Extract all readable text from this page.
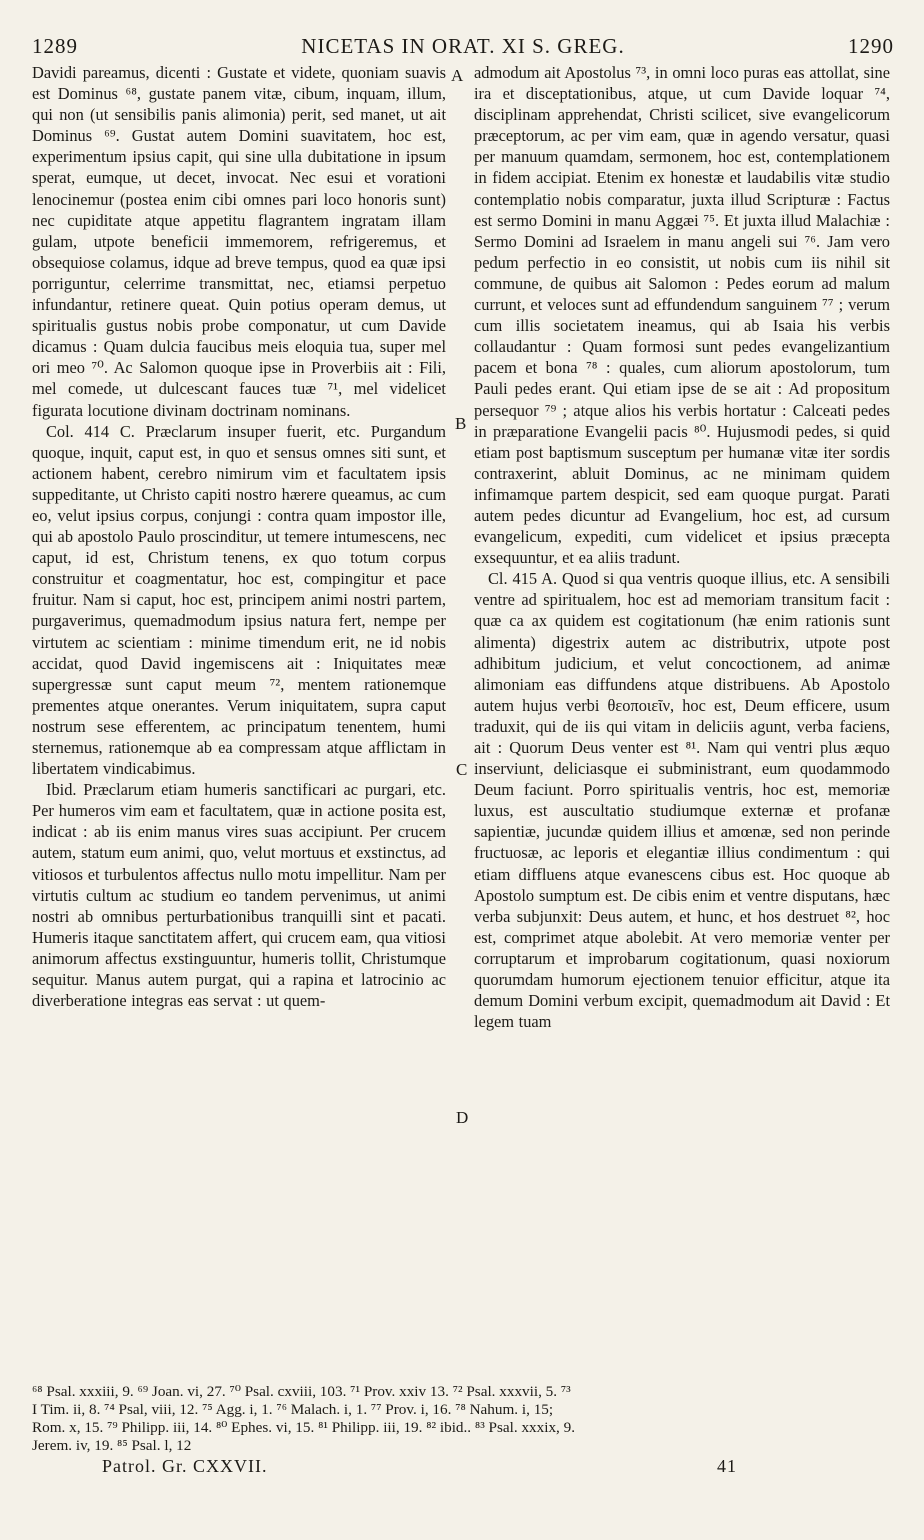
1289	NICETAS IN ORAT. XI S. GREG.	1290

Davidi pareamus, dicenti : Gustate et videte, quoniam suavis est Dominus ⁶⁸, gustate panem vitæ, cibum, inquam, illum, qui non (ut sensibilis panis alimonia) perit, sed manet, ut ait Dominus ⁶⁹. Gustat autem Domini suavitatem, hoc est, experimentum ipsius capit, qui sine ulla dubitatione in ipsum sperat, eumque, ut decet, invocat. Nec esui et vorationi lenocinemur (postea enim cibi omnes pari loco honoris sunt) nec cupiditate atque appetitu flagrantem ingratam illam gulam, utpote beneficii immemorem, refrigeremus, et obsequiose colamus, idque ad breve tempus, quod ea quæ ipsi porriguntur, celerrime transmittat, nec, etiamsi perpetuo infundantur, retinere queat. Quin potius operam demus, ut spiritualis gustus nobis probe componatur, ut cum Davide dicamus : Quam dulcia faucibus meis eloquia tua, super mel ori meo ⁷⁰. Ac Salomon quoque ipse in Proverbiis ait : Fili, mel comede, ut dulcescant fauces tuæ ⁷¹, mel videlicet figurata locutione divinam doctrinam nominans.

Col. 414 C. Præclarum insuper fuerit, etc. Purgandum quoque, inquit, caput est, in quo et sensus omnes siti sunt, et actionem habent, cerebro nimirum vim et facultatem ipsis suppeditante, ut Christo capiti nostro hærere queamus, ac cum eo, velut ipsius corpus, conjungi : contra quam impostor ille, qui ab apostolo Paulo proscinditur, ut temere intumescens, nec caput, id est, Christum tenens, ex quo totum corpus construitur et coagmentatur, hoc est, compingitur et pace fruitur. Nam si caput, hoc est, principem animi nostri partem, purgaverimus, quemadmodum ipsius natura fert, nempe per virtutem ac scientiam : minime timendum erit, ne id nobis accidat, quod David ingemiscens ait : Iniquitates meæ supergressæ sunt caput meum ⁷², mentem rationemque prementes atque onerantes. Verum iniquitatem, supra caput nostrum sese efferentem, ac principatum tenentem, humi sternemus, rationemque ab ea compressam atque afflictam in libertatem vindicabimus.

Ibid. Præclarum etiam humeris sanctificari ac purgari, etc. Per humeros vim eam et facultatem, quæ in actione posita est, indicat : ab iis enim manus vires suas accipiunt. Per crucem autem, statum eum animi, quo, velut mortuus et exstinctus, ad vitiosos et turbulentos affectus nullo motu impellitur. Nam per virtutis cultum ac studium eo tandem pervenimus, ut animi nostri ab omnibus perturbationibus tranquilli sint et pacati. Humeris itaque sanctitatem affert, qui crucem eam, qua vitiosi animorum affectus exstinguuntur, humeris tollit, Christumque sequitur. Manus autem purgat, qui a rapina et latrocinio ac diverberatione integras eas servat : ut quem-

A
B
C
D

admodum ait Apostolus ⁷³, in omni loco puras eas attollat, sine ira et disceptationibus, atque, ut cum Davide loquar ⁷⁴, disciplinam apprehendat, Christi scilicet, sive evangelicorum præceptorum, ac per vim eam, quæ in agendo versatur, quasi per manuum quamdam, sermonem, hoc est, contemplationem in fidem accipiat. Etenim ex honestæ et laudabilis vitæ studio contemplatio nobis comparatur, juxta illud Scripturæ : Factus est sermo Domini in manu Aggæi ⁷⁵. Et juxta illud Malachiæ : Sermo Domini ad Israelem in manu angeli sui ⁷⁶. Jam vero pedum perfectio in eo consistit, ut nobis cum iis nihil sit commune, de quibus ait Salomon : Pedes eorum ad malum currunt, et veloces sunt ad effundendum sanguinem ⁷⁷ ; verum cum illis societatem ineamus, qui ab Isaia his verbis collaudantur : Quam formosi sunt pedes evangelizantium pacem et bona ⁷⁸ : quales, cum aliorum apostolorum, tum Pauli pedes erant. Qui etiam ipse de se ait : Ad propositum persequor ⁷⁹ ; atque alios his verbis hortatur : Calceati pedes in præparatione Evangelii pacis ⁸⁰. Hujusmodi pedes, si quid etiam post baptismum susceptum per humanæ vitæ iter sordis contraxerint, abluit Dominus, ac ne minimam quidem infimamque partem despicit, sed eam quoque purgat. Parati autem pedes dicuntur ad Evangelium, hoc est, ad cursum evangelicum, expediti, cum videlicet et ipsius præcepta exsequuntur, et ea aliis tradunt.

Cl. 415 A. Quod si qua ventris quoque illius, etc. A sensibili ventre ad spiritualem, hoc est ad memoriam transitum facit : quæ ca ax quidem est cogitationum (hæ enim rationis sunt alimenta) digestrix autem ac distributrix, utpote post adhibitum judicium, et velut concoctionem, ad animæ alimoniam eas diffundens atque distribuens. Ab Apostolo autem hujus verbi θεοποιεῖν, hoc est, Deum efficere, usum traduxit, qui de iis qui vitam in deliciis agunt, verba faciens, ait : Quorum Deus venter est ⁸¹. Nam qui ventri plus æquo inserviunt, deliciasque ei subministrant, eum quodammodo Deum faciunt. Porro spiritualis ventris, hoc est, memoriæ luxus, est auscultatio studiumque externæ et profanæ sapientiæ, jucundæ quidem illius et amœnæ, sed non perinde fructuosæ, ac leporis et elegantiæ illius condimentum : qui etiam diffluens atque evanescens cibus est. Hoc quoque ab Apostolo sumptum est. De cibis enim et ventre disputans, hæc verba subjunxit: Deus autem, et hunc, et hos destruet ⁸², hoc est, comprimet atque abolebit. At vero memoriæ venter per corruptarum et improbarum cogitationum, quasi noxiorum quorumdam humorum ejectionem tenuior efficitur, atque ita demum Domini verbum excipit, quemadmodum ait David : Et legem tuam

⁶⁸ Psal. xxxiii, 9. ⁶⁹ Joan. vi, 27. ⁷⁰ Psal. cxviii, 103. ⁷¹ Prov. xxiv 13. ⁷² Psal. xxxvii, 5. ⁷³
I Tim. ii, 8. ⁷⁴ Psal, viii, 12. ⁷⁵ Agg. i, 1. ⁷⁶ Malach. i, 1. ⁷⁷ Prov. i, 16. ⁷⁸ Nahum. i, 15;
Rom. x, 15. ⁷⁹ Philipp. iii, 14. ⁸⁰ Ephes. vi, 15. ⁸¹ Philipp. iii, 19. ⁸² ibid.. ⁸³ Psal. xxxix, 9.
Jerem. iv, 19. ⁸⁵ Psal. l, 12
Patrol. Gr. CXXVII.	41
